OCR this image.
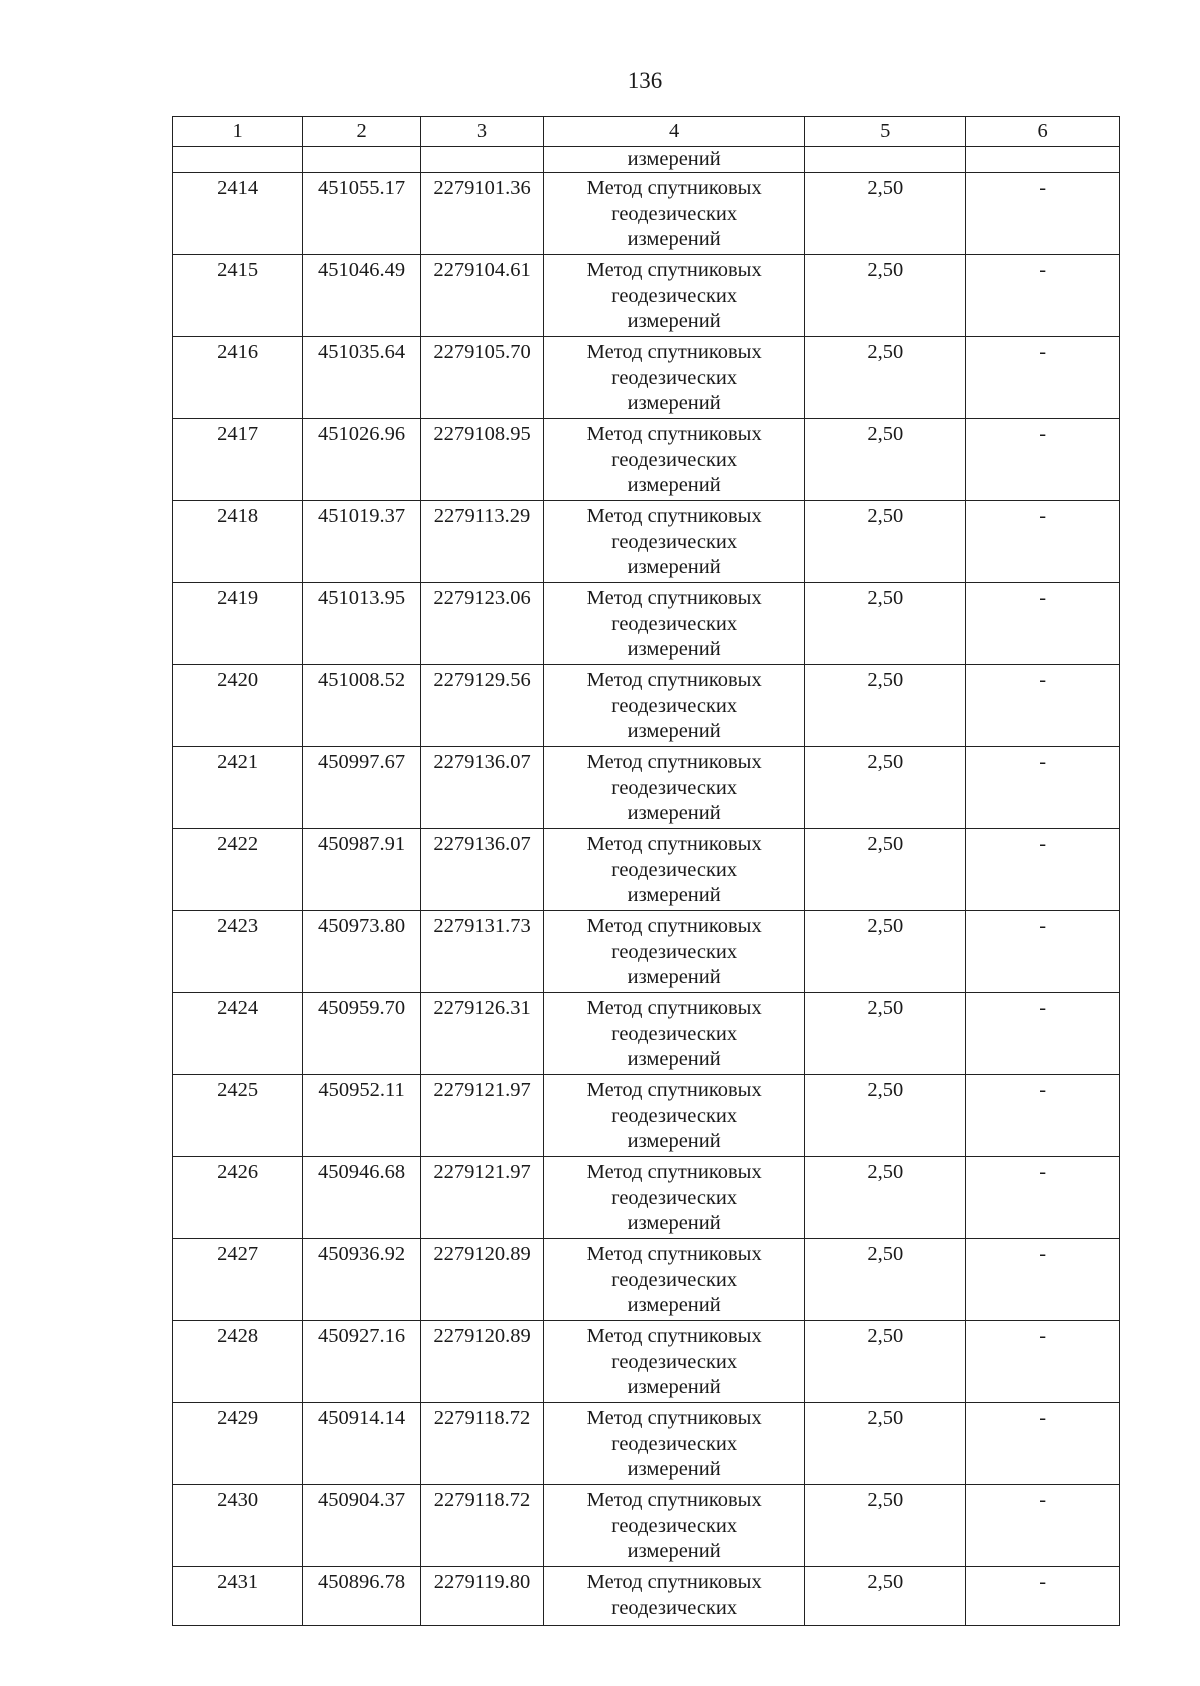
136
1	2	3	4	5	6
			измерений		
2414	451055.17	2279101.36	Метод спутниковых
геодезических
измерений	2,50	-
2415	451046.49	2279104.61	Метод спутниковых
геодезических
измерений	2,50	-
2416	451035.64	2279105.70	Метод спутниковых
геодезических
измерений	2,50	-
2417	451026.96	2279108.95	Метод спутниковых
геодезических
измерений	2,50	-
2418	451019.37	2279113.29	Метод спутниковых
геодезических
измерений	2,50	-
2419	451013.95	2279123.06	Метод спутниковых
геодезических
измерений	2,50	-
2420	451008.52	2279129.56	Метод спутниковых
геодезических
измерений	2,50	-
2421	450997.67	2279136.07	Метод спутниковых
геодезических
измерений	2,50	-
2422	450987.91	2279136.07	Метод спутниковых
геодезических
измерений	2,50	-
2423	450973.80	2279131.73	Метод спутниковых
геодезических
измерений	2,50	-
2424	450959.70	2279126.31	Метод спутниковых
геодезических
измерений	2,50	-
2425	450952.11	2279121.97	Метод спутниковых
геодезических
измерений	2,50	-
2426	450946.68	2279121.97	Метод спутниковых
геодезических
измерений	2,50	-
2427	450936.92	2279120.89	Метод спутниковых
геодезических
измерений	2,50	-
2428	450927.16	2279120.89	Метод спутниковых
геодезических
измерений	2,50	-
2429	450914.14	2279118.72	Метод спутниковых
геодезических
измерений	2,50	-
2430	450904.37	2279118.72	Метод спутниковых
геодезических
измерений	2,50	-
2431	450896.78	2279119.80	Метод спутниковых
геодезических	2,50	-
